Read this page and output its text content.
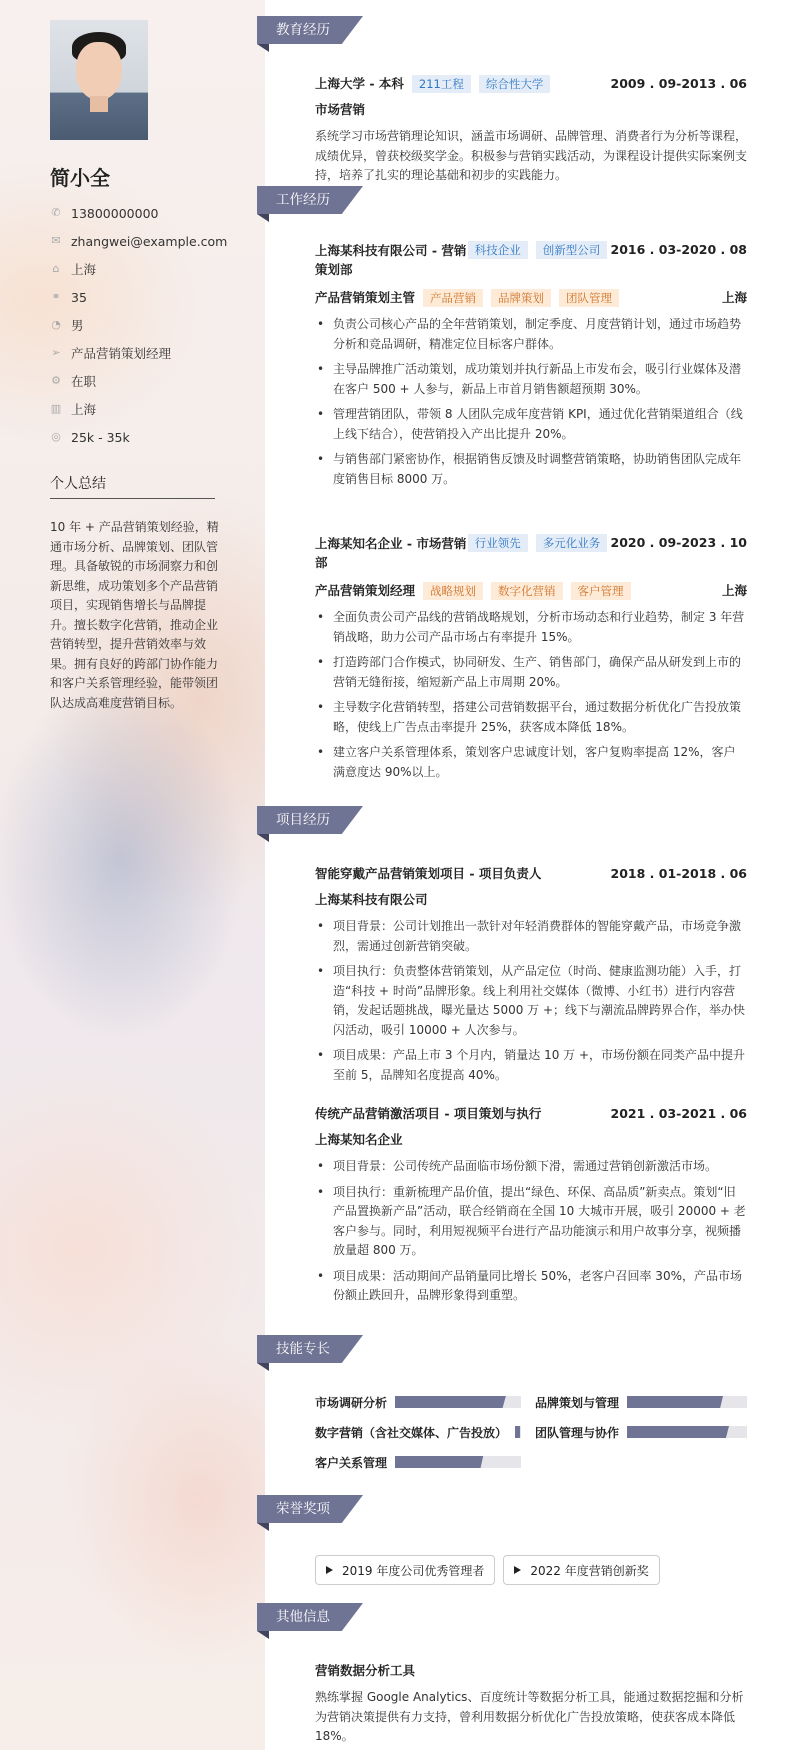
简小全
✆ 13800000000
✉ zhangwei@example.com
⌂ 上海
⚭ 35
◔ 男
➢ 产品营销策划经理
⚙ 在职
▥ 上海
◎ 25k - 35k
个人总结
10 年 + 产品营销策划经验，精通市场分析、品牌策划、团队管理。具备敏锐的市场洞察力和创新思维，成功策划多个产品营销项目，实现销售增长与品牌提升。擅长数字化营销，推动企业营销转型，提升营销效率与效果。拥有良好的跨部门协作能力和客户关系管理经验，能带领团队达成高难度营销目标。
教育经历
上海大学 - 本科 211工程 综合性大学	2009 . 09-2013 . 06
市场营销
系统学习市场营销理论知识，涵盖市场调研、品牌管理、消费者行为分析等课程，成绩优异，曾获校级奖学金。积极参与营销实践活动，为课程设计提供实际案例支持，培养了扎实的理论基础和初步的实践能力。
工作经历
上海某科技有限公司 - 营销策划部
科技企业	创新型公司 2016 . 03-2020 . 08
产品营销策划主管 产品营销 品牌策划 团队管理	上海
• 负责公司核心产品的全年营销策划，制定季度、月度营销计划，通过市场趋势分析和竞品调研，精准定位目标客户群体。
• 主导品牌推广活动策划，成功策划并执行新品上市发布会，吸引行业媒体及潜在客户 500 + 人参与，新品上市首月销售额超预期 30%。
• 管理营销团队，带领 8 人团队完成年度营销 KPI，通过优化营销渠道组合（线上线下结合），使营销投入产出比提升 20%。
• 与销售部门紧密协作，根据销售反馈及时调整营销策略，协助销售团队完成年度销售目标 8000 万。
上海某知名企业 - 市场营销部
行业领先	多元化业务 2020 . 09-2023 . 10
产品营销策划经理 战略规划 数字化营销 客户管理	上海
• 全面负责公司产品线的营销战略规划，分析市场动态和行业趋势，制定 3 年营销战略，助力公司产品市场占有率提升 15%。
• 打造跨部门合作模式，协同研发、生产、销售部门，确保产品从研发到上市的营销无缝衔接，缩短新产品上市周期 20%。
• 主导数字化营销转型，搭建公司营销数据平台，通过数据分析优化广告投放策略，使线上广告点击率提升 25%，获客成本降低 18%。
• 建立客户关系管理体系，策划客户忠诚度计划，客户复购率提高 12%，客户满意度达 90%以上。
项目经历
智能穿戴产品营销策划项目 - 项目负责人	2018 . 01-2018 . 06
上海某科技有限公司
• 项目背景：公司计划推出一款针对年轻消费群体的智能穿戴产品，市场竞争激烈，需通过创新营销突破。
• 项目执行：负责整体营销策划，从产品定位（时尚、健康监测功能）入手，打造“科技 + 时尚”品牌形象。线上利用社交媒体（微博、小红书）进行内容营销，发起话题挑战，曝光量达 5000 万 +；线下与潮流品牌跨界合作，举办快闪活动，吸引 10000 + 人次参与。
• 项目成果：产品上市 3 个月内，销量达 10 万 +，市场份额在同类产品中提升至前 5，品牌知名度提高 40%。
传统产品营销激活项目 - 项目策划与执行	2021 . 03-2021 . 06
上海某知名企业
• 项目背景：公司传统产品面临市场份额下滑，需通过营销创新激活市场。
• 项目执行：重新梳理产品价值，提出“绿色、环保、高品质”新卖点。策划“旧产品置换新产品”活动，联合经销商在全国 10 大城市开展，吸引 20000 + 老客户参与。同时，利用短视频平台进行产品功能演示和用户故事分享，视频播放量超 800 万。
• 项目成果：活动期间产品销量同比增长 50%，老客户召回率 30%，产品市场份额止跌回升，品牌形象得到重塑。
技能专长
市场调研分析	品牌策划与管理
数字营销（含社交媒体、广告投放） 团队管理与协作
客户关系管理
荣誉奖项
2019 年度公司优秀管理者	2022 年度营销创新奖
其他信息
营销数据分析工具
熟练掌握 Google Analytics、百度统计等数据分析工具，能通过数据挖掘和分析为营销决策提供有力支持，曾利用数据分析优化广告投放策略，使获客成本降低 18%。
